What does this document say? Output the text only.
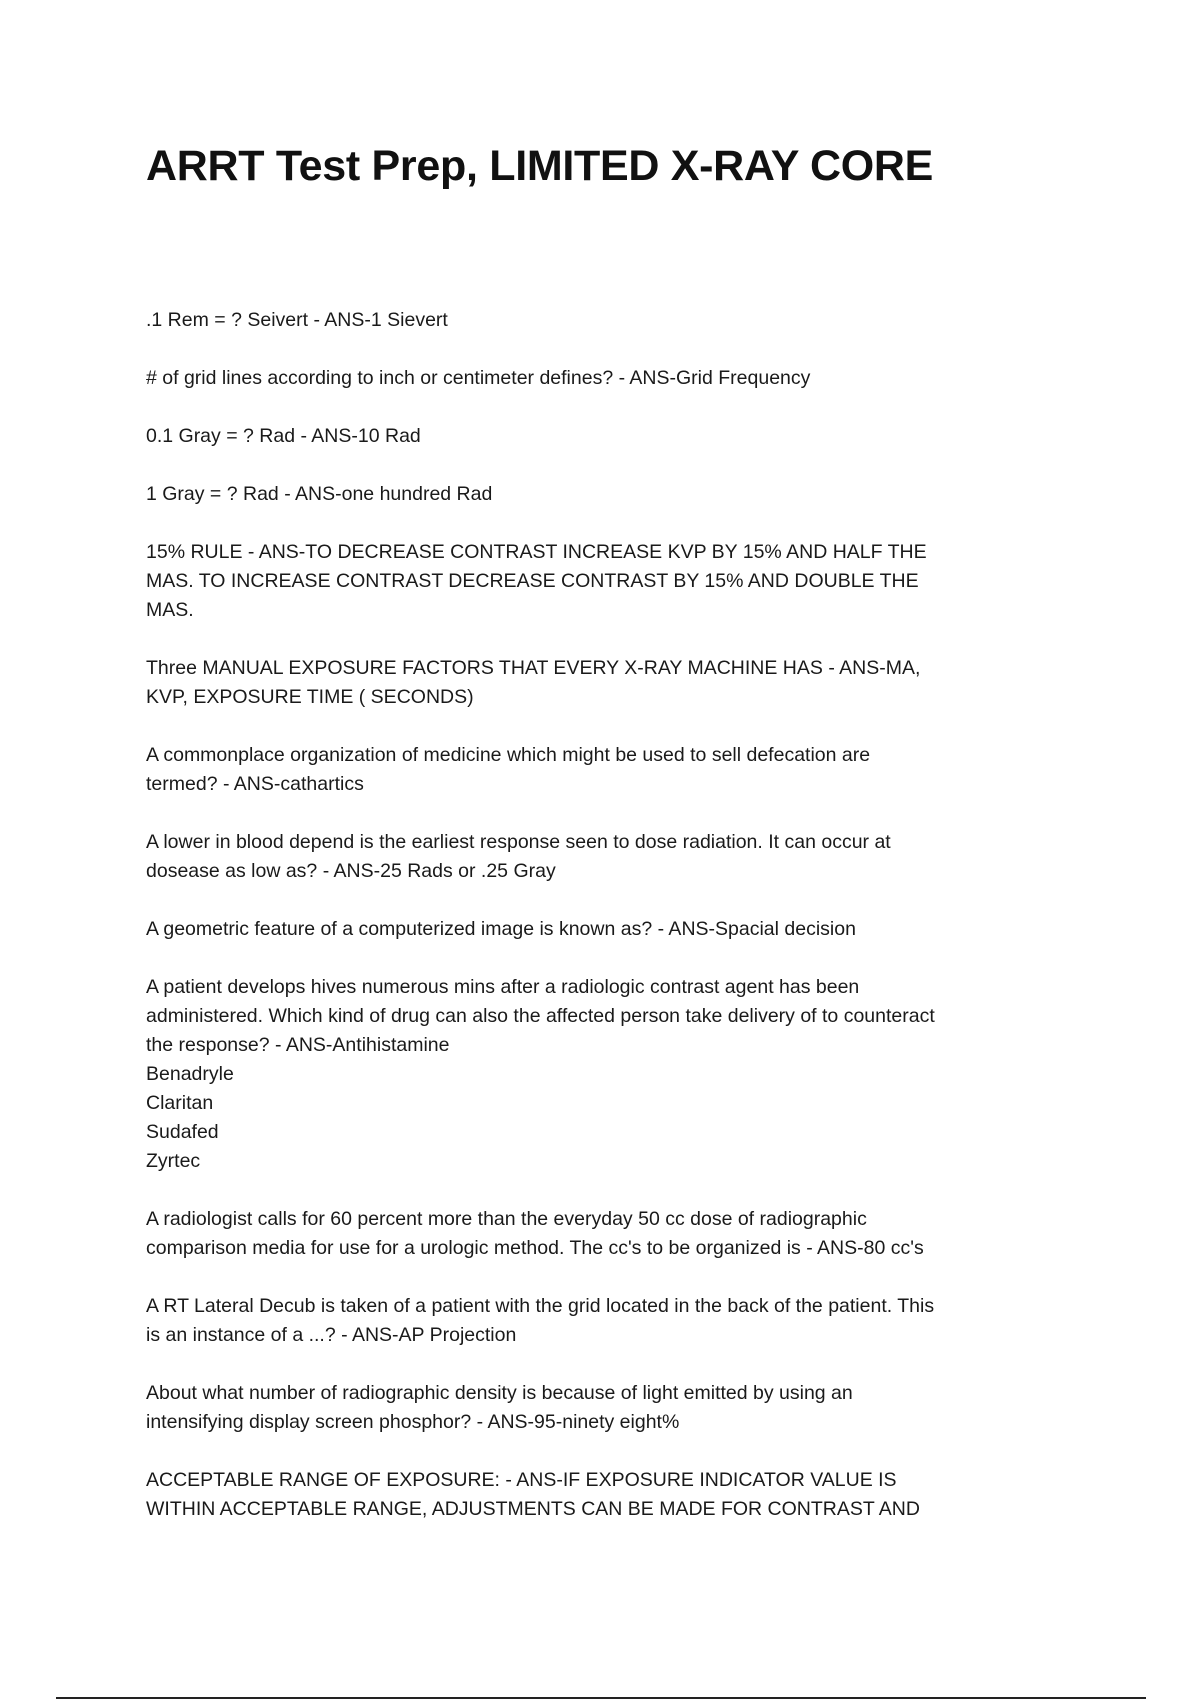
ARRT Test Prep, LIMITED X-RAY CORE
.1 Rem = ? Seivert - ANS-1 Sievert
# of grid lines according to inch or centimeter defines? - ANS-Grid Frequency
0.1 Gray = ? Rad - ANS-10 Rad
1 Gray = ? Rad - ANS-one hundred Rad
15% RULE - ANS-TO DECREASE CONTRAST INCREASE KVP BY 15% AND HALF THE
MAS. TO INCREASE CONTRAST DECREASE CONTRAST BY 15% AND DOUBLE THE
MAS.
Three MANUAL EXPOSURE FACTORS THAT EVERY X-RAY MACHINE HAS - ANS-MA,
KVP, EXPOSURE TIME ( SECONDS)
A commonplace organization of medicine which might be used to sell defecation are
termed? - ANS-cathartics
A lower in blood depend is the earliest response seen to dose radiation. It can occur at
dosease as low as? - ANS-25 Rads or .25 Gray
A geometric feature of a computerized image is known as? - ANS-Spacial decision
A patient develops hives numerous mins after a radiologic contrast agent has been
administered. Which kind of drug can also the affected person take delivery of to counteract
the response? - ANS-Antihistamine
Benadryle
Claritan
Sudafed
Zyrtec
A radiologist calls for 60 percent more than the everyday 50 cc dose of radiographic
comparison media for use for a urologic method. The cc's to be organized is - ANS-80 cc's
A RT Lateral Decub is taken of a patient with the grid located in the back of the patient. This
is an instance of a ...? - ANS-AP Projection
About what number of radiographic density is because of light emitted by using an
intensifying display screen phosphor? - ANS-95-ninety eight%
ACCEPTABLE RANGE OF EXPOSURE: - ANS-IF EXPOSURE INDICATOR VALUE IS
WITHIN ACCEPTABLE RANGE, ADJUSTMENTS CAN BE MADE FOR CONTRAST AND
